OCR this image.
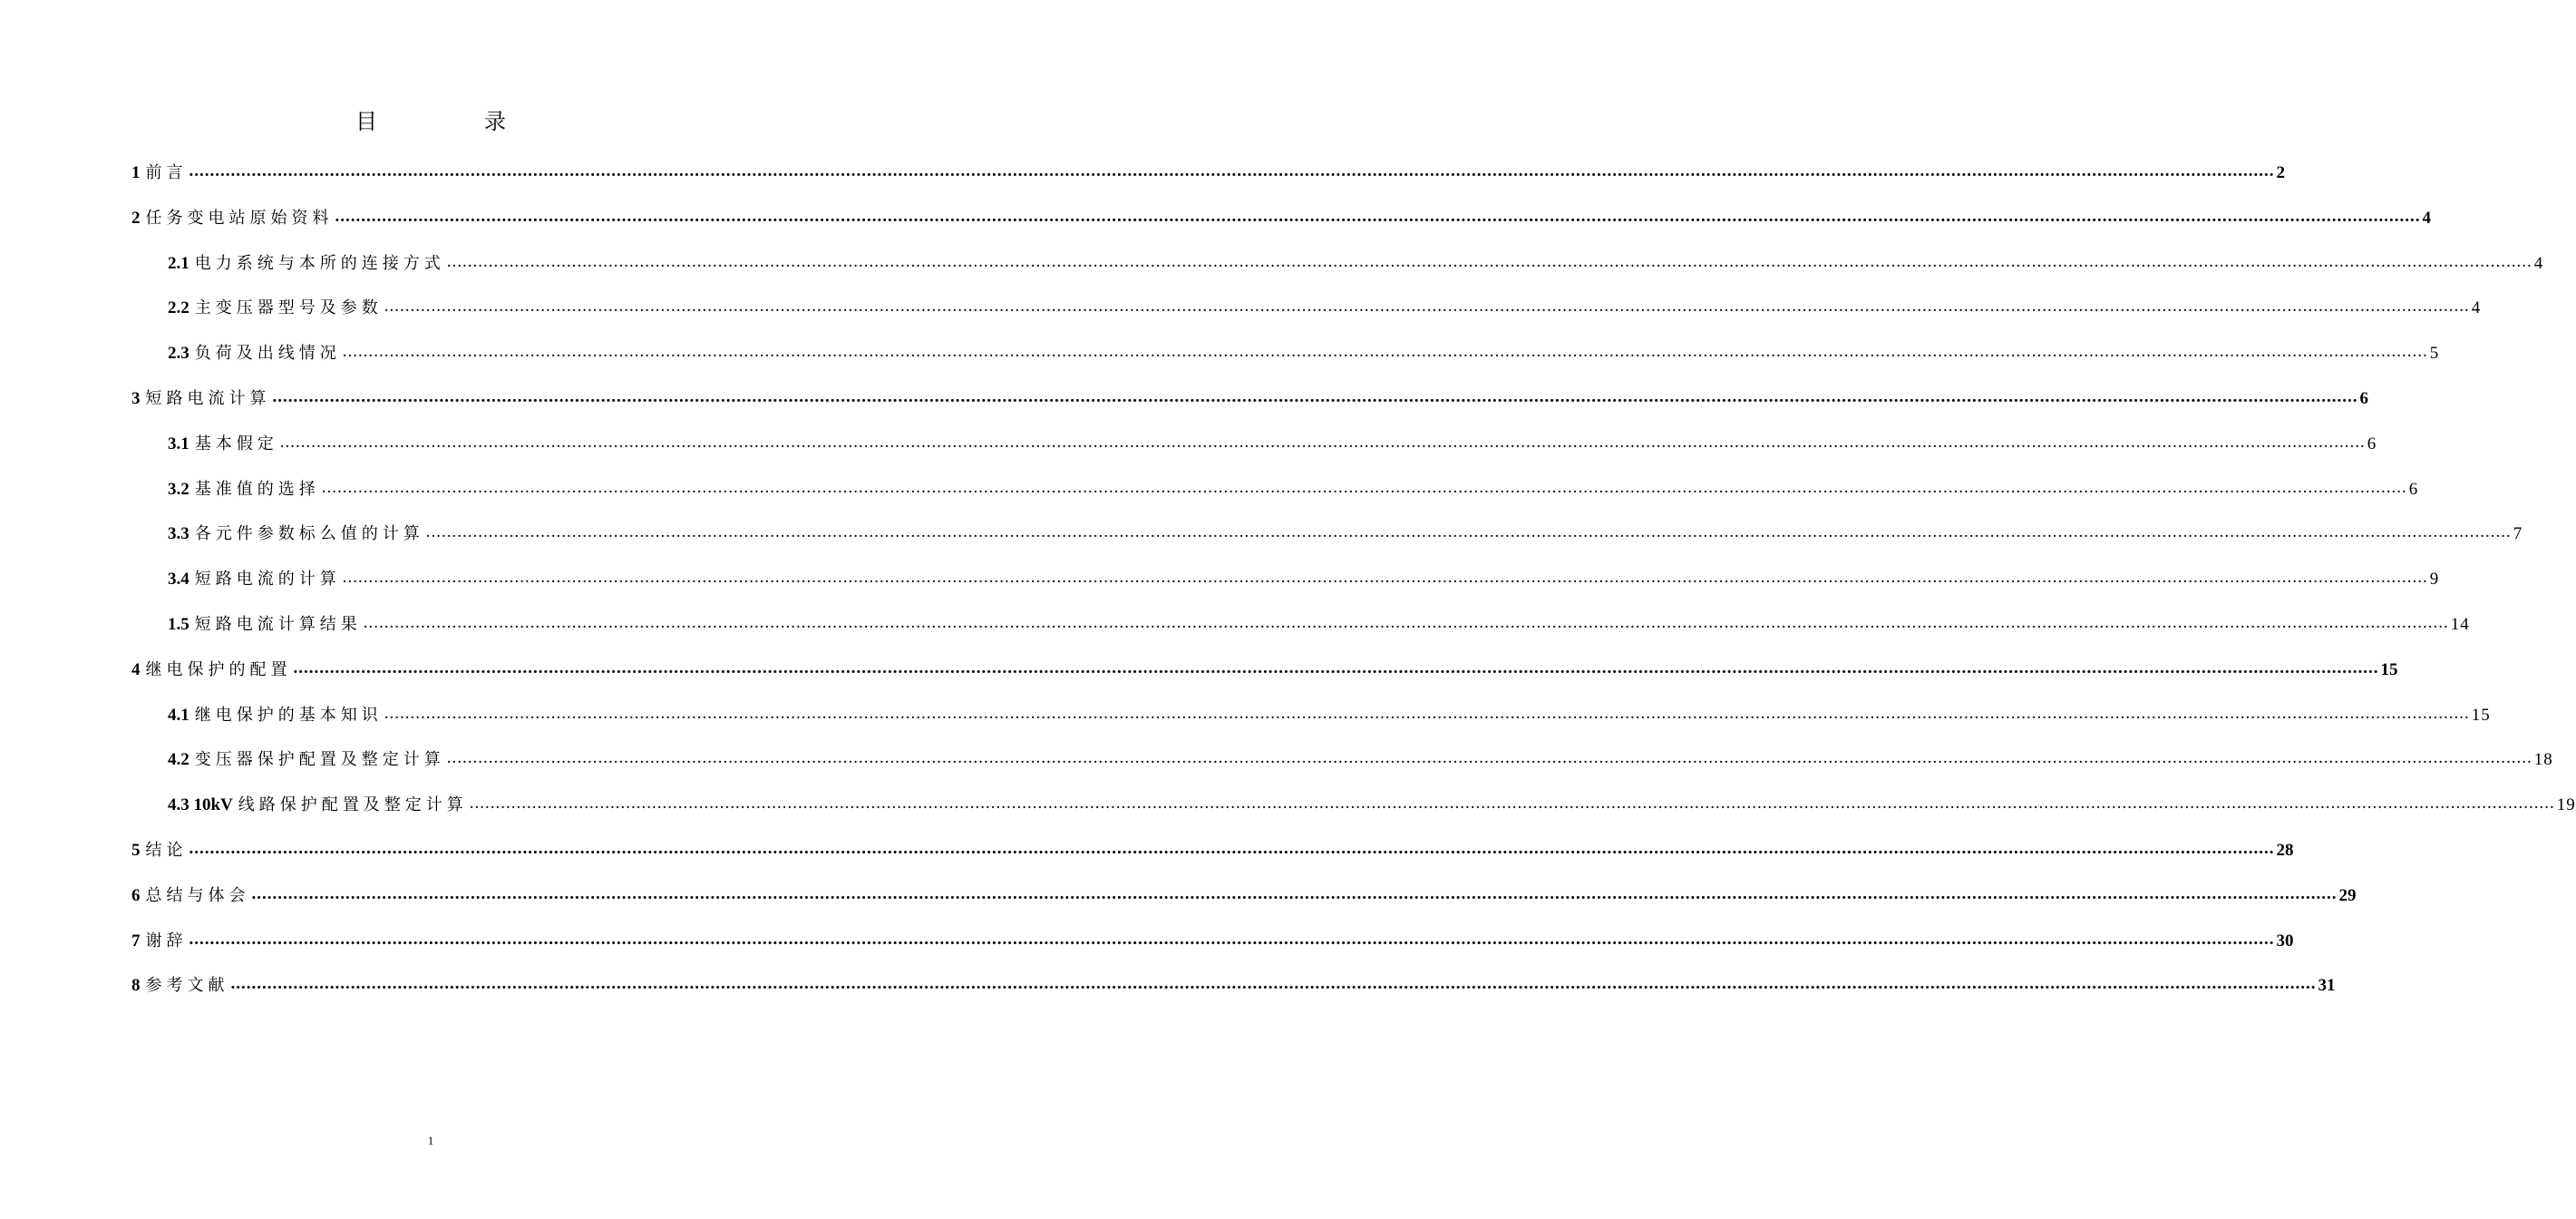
目	录
1 前言 ................................................................................................................................................................................................................................................................................................................................................................................................................ 2
2 任务变电站原始资料 ................................................................................................................................................................................................................................................................................................................................................................................................................ 4
2.1 电力系统与本所的连接方式 ................................................................................................................................................................................................................................................................................................................................................................................................................ 4
2.2 主变压器型号及参数 ................................................................................................................................................................................................................................................................................................................................................................................................................ 4
2.3 负荷及出线情况 ................................................................................................................................................................................................................................................................................................................................................................................................................ 5
3 短路电流计算 ................................................................................................................................................................................................................................................................................................................................................................................................................ 6
3.1 基本假定 ................................................................................................................................................................................................................................................................................................................................................................................................................ 6
3.2 基准值的选择 ................................................................................................................................................................................................................................................................................................................................................................................................................ 6
3.3 各元件参数标么值的计算 ................................................................................................................................................................................................................................................................................................................................................................................................................ 7
3.4 短路电流的计算 ................................................................................................................................................................................................................................................................................................................................................................................................................ 9
1.5 短路电流计算结果 ................................................................................................................................................................................................................................................................................................................................................................................................................ 14
4 继电保护的配置 ................................................................................................................................................................................................................................................................................................................................................................................................................ 15
4.1 继电保护的基本知识 ................................................................................................................................................................................................................................................................................................................................................................................................................ 15
4.2 变压器保护配置及整定计算 ................................................................................................................................................................................................................................................................................................................................................................................................................ 18
4.3 10kV 线路保护配置及整定计算 ................................................................................................................................................................................................................................................................................................................................................................................................................ 19
5 结论 ................................................................................................................................................................................................................................................................................................................................................................................................................ 28
6 总结与体会 ................................................................................................................................................................................................................................................................................................................................................................................................................ 29
7 谢辞 ................................................................................................................................................................................................................................................................................................................................................................................................................ 30
8 参考文献 ................................................................................................................................................................................................................................................................................................................................................................................................................ 31
1
